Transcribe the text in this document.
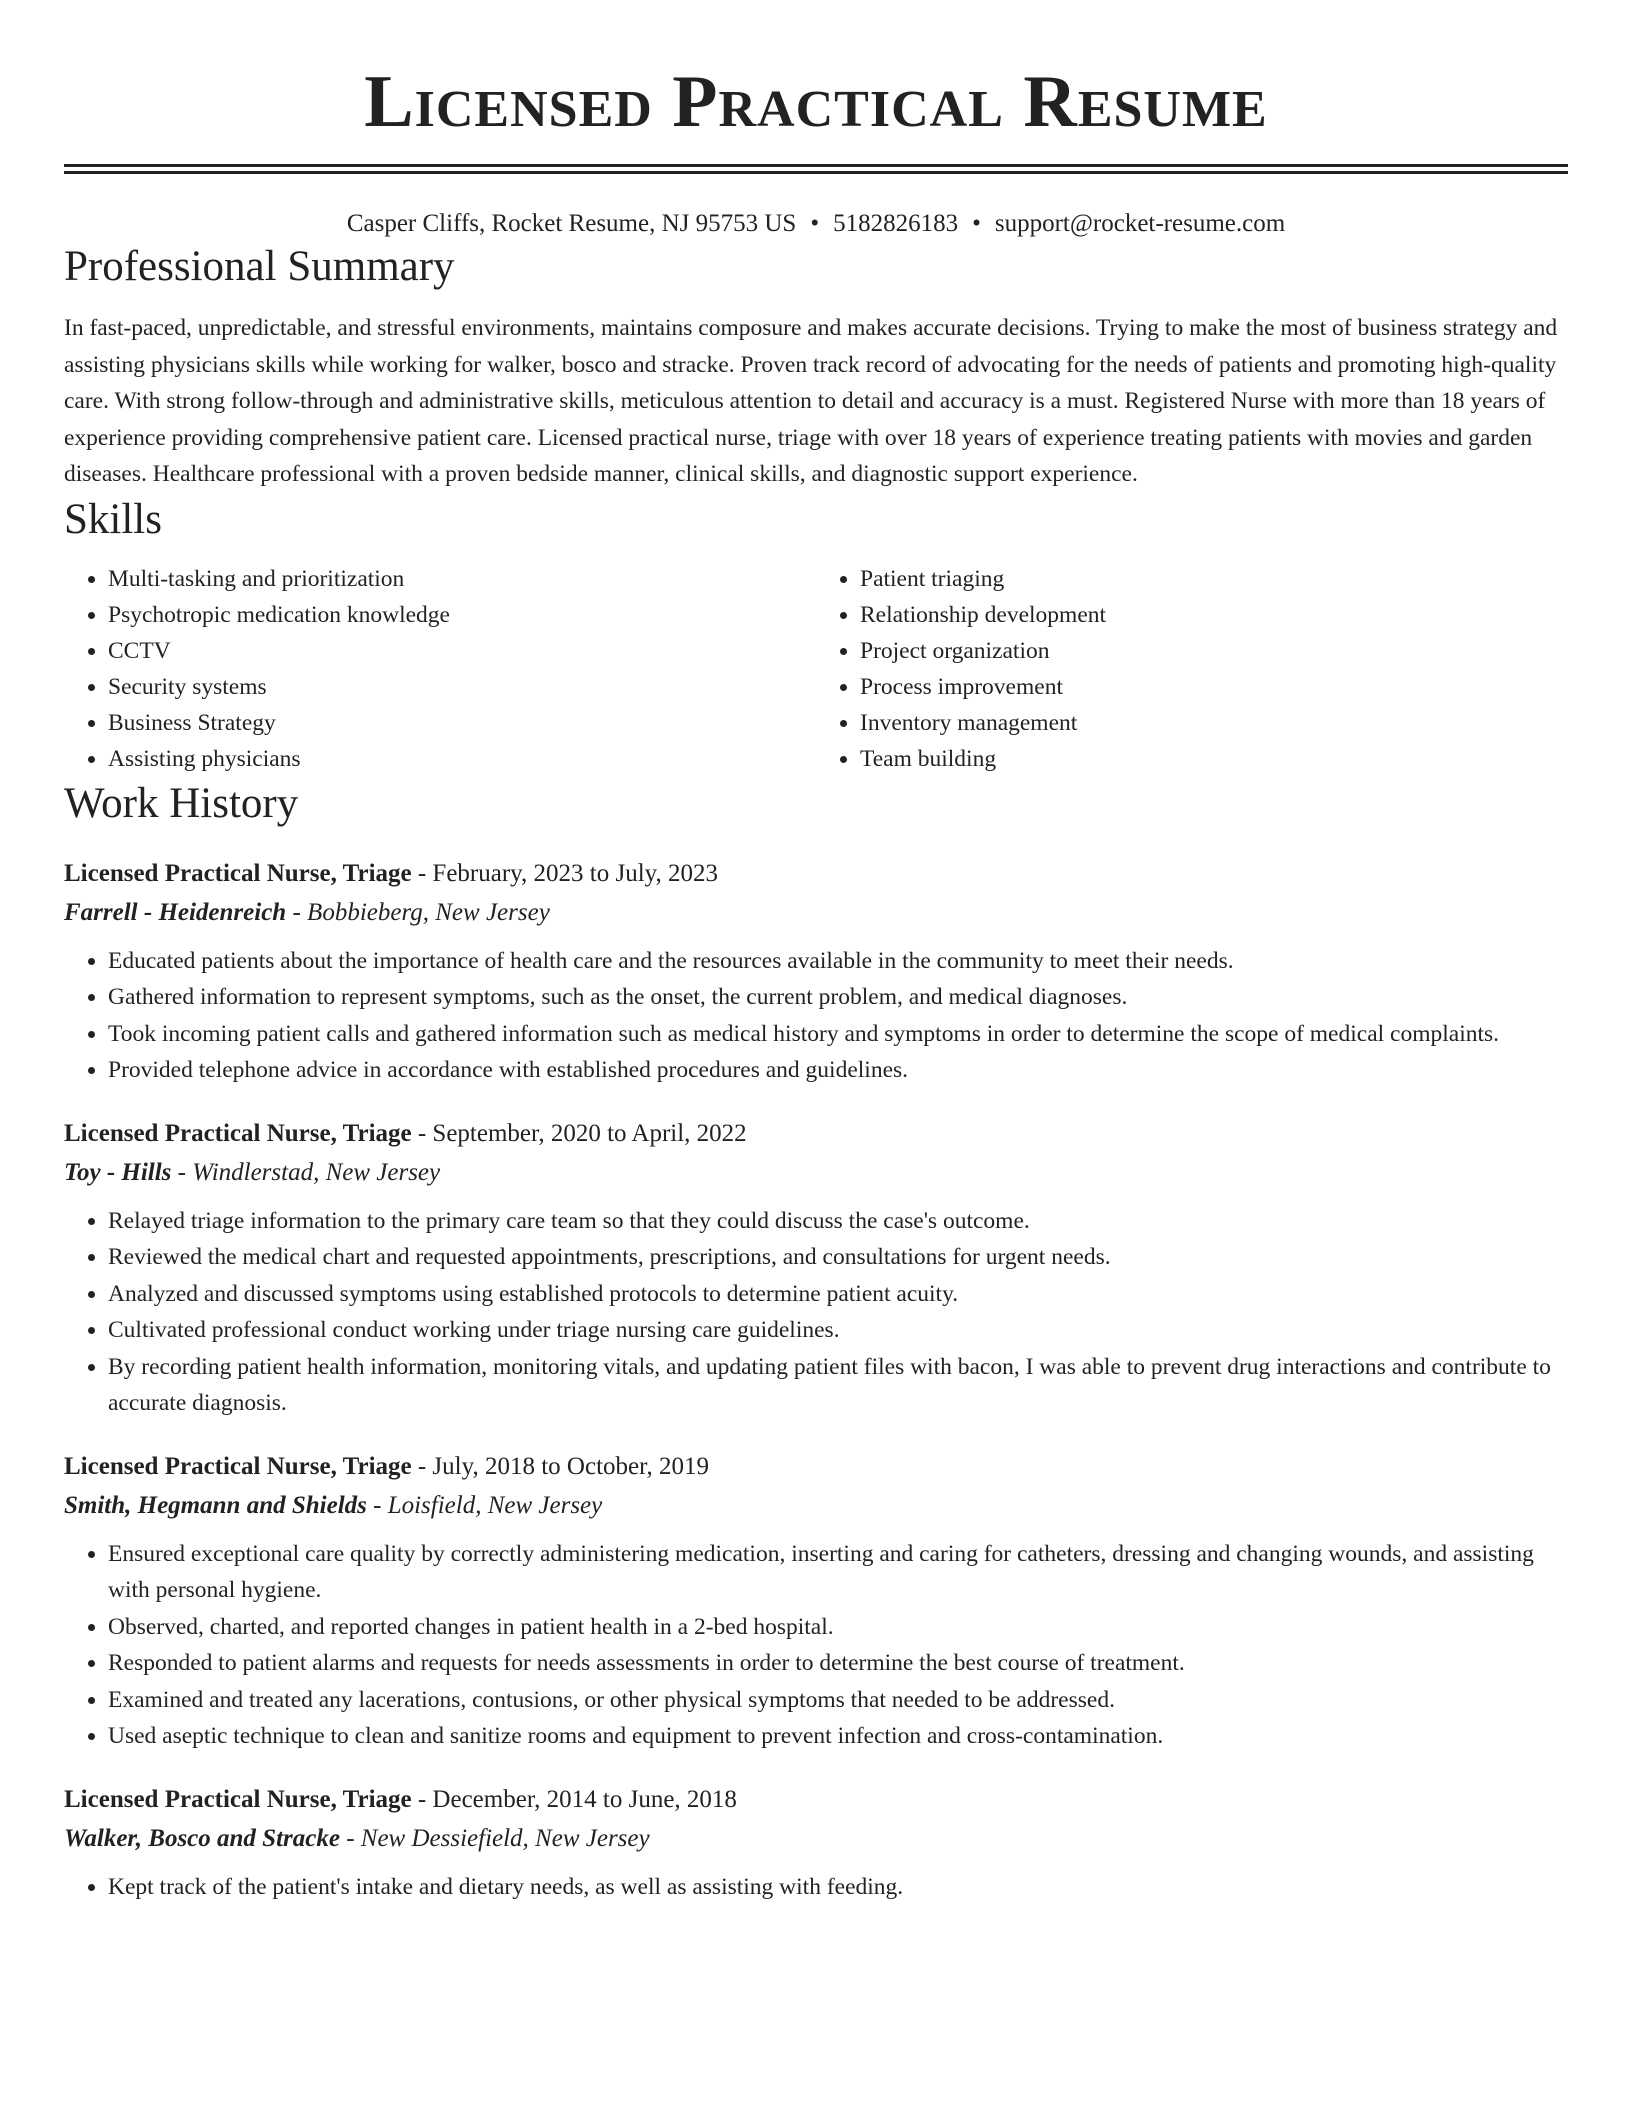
Licensed Practical Resume
Casper Cliffs, Rocket Resume, NJ 95753 US • 5182826183 • support@rocket-resume.com
Professional Summary
In fast-paced, unpredictable, and stressful environments, maintains composure and makes accurate decisions. Trying to make the most of business strategy and assisting physicians skills while working for walker, bosco and stracke. Proven track record of advocating for the needs of patients and promoting high-quality care. With strong follow-through and administrative skills, meticulous attention to detail and accuracy is a must. Registered Nurse with more than 18 years of experience providing comprehensive patient care. Licensed practical nurse, triage with over 18 years of experience treating patients with movies and garden diseases. Healthcare professional with a proven bedside manner, clinical skills, and diagnostic support experience.
Skills
• Multi-tasking and prioritization
• Psychotropic medication knowledge
• CCTV
• Security systems
• Business Strategy
• Assisting physicians
• Patient triaging
• Relationship development
• Project organization
• Process improvement
• Inventory management
• Team building
Work History
Licensed Practical Nurse, Triage - February, 2023 to July, 2023
Farrell - Heidenreich - Bobbieberg, New Jersey
• Educated patients about the importance of health care and the resources available in the community to meet their needs.
• Gathered information to represent symptoms, such as the onset, the current problem, and medical diagnoses.
• Took incoming patient calls and gathered information such as medical history and symptoms in order to determine the scope of medical complaints.
• Provided telephone advice in accordance with established procedures and guidelines.
Licensed Practical Nurse, Triage - September, 2020 to April, 2022
Toy - Hills - Windlerstad, New Jersey
• Relayed triage information to the primary care team so that they could discuss the case's outcome.
• Reviewed the medical chart and requested appointments, prescriptions, and consultations for urgent needs.
• Analyzed and discussed symptoms using established protocols to determine patient acuity.
• Cultivated professional conduct working under triage nursing care guidelines.
• By recording patient health information, monitoring vitals, and updating patient files with bacon, I was able to prevent drug interactions and contribute to accurate diagnosis.
Licensed Practical Nurse, Triage - July, 2018 to October, 2019
Smith, Hegmann and Shields - Loisfield, New Jersey
• Ensured exceptional care quality by correctly administering medication, inserting and caring for catheters, dressing and changing wounds, and assisting with personal hygiene.
• Observed, charted, and reported changes in patient health in a 2-bed hospital.
• Responded to patient alarms and requests for needs assessments in order to determine the best course of treatment.
• Examined and treated any lacerations, contusions, or other physical symptoms that needed to be addressed.
• Used aseptic technique to clean and sanitize rooms and equipment to prevent infection and cross-contamination.
Licensed Practical Nurse, Triage - December, 2014 to June, 2018
Walker, Bosco and Stracke - New Dessiefield, New Jersey
• Kept track of the patient's intake and dietary needs, as well as assisting with feeding.
